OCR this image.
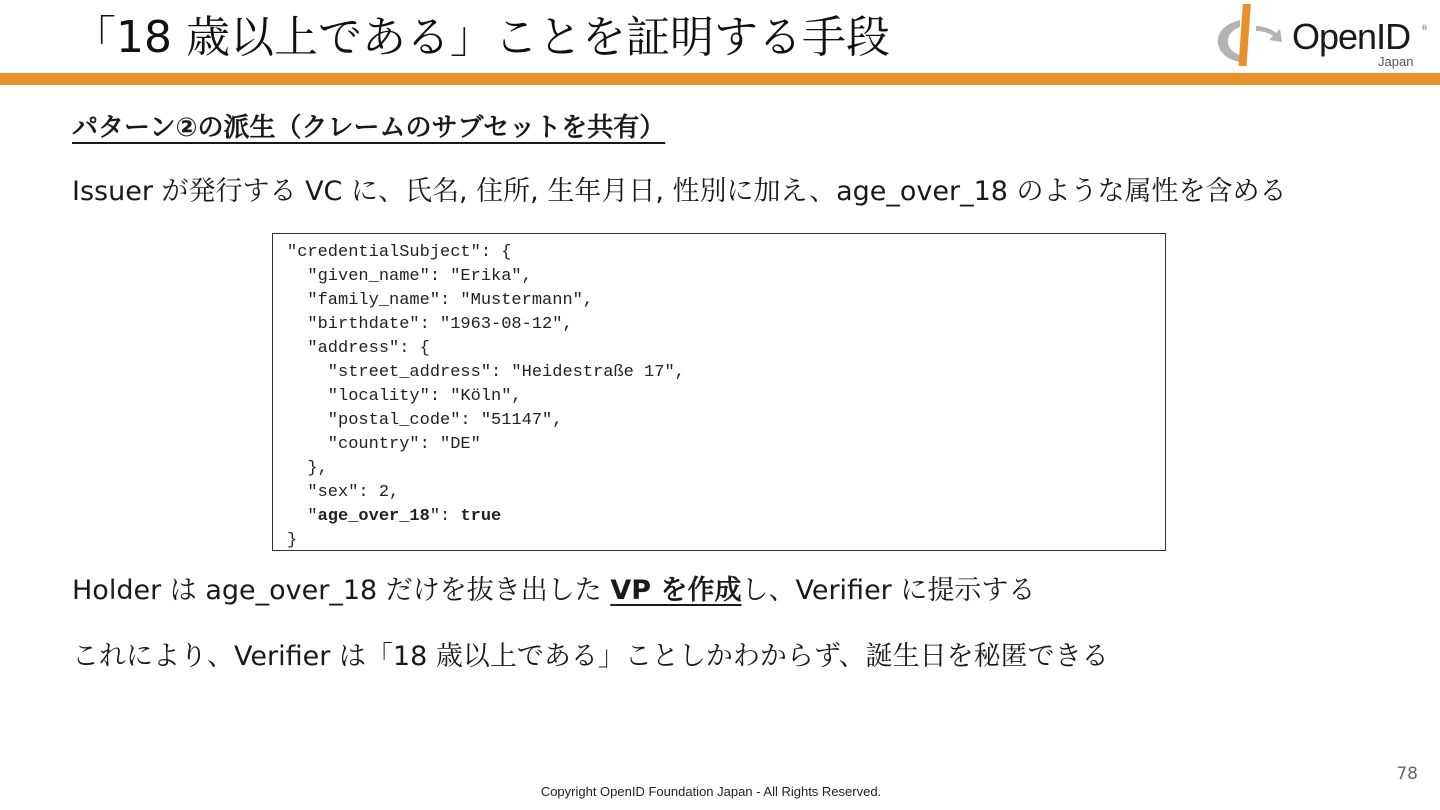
「18 歳以上である」ことを証明する手段	OpenID ®
Japan
パターン②の派生（クレームのサブセットを共有）
Issuer が発行する VC に、氏名, 住所, 生年月日, 性別に加え、age_over_18 のような属性を含める
"credentialSubject": {
"given_name": "Erika",
"family_name": "Mustermann",
"birthdate": "1963-08-12",
"address": {
"street_address": "Heidestraße 17",
"locality": "Köln",
"postal_code": "51147",
"country": "DE"
},
"sex": 2,
"age_over_18": true
}
Holder は age_over_18 だけを抜き出した VP を作成し、Verifier に提示する
これにより、Verifier は「18 歳以上である」ことしかわからず、誕生日を秘匿できる
78
Copyright OpenID Foundation Japan - All Rights Reserved.
